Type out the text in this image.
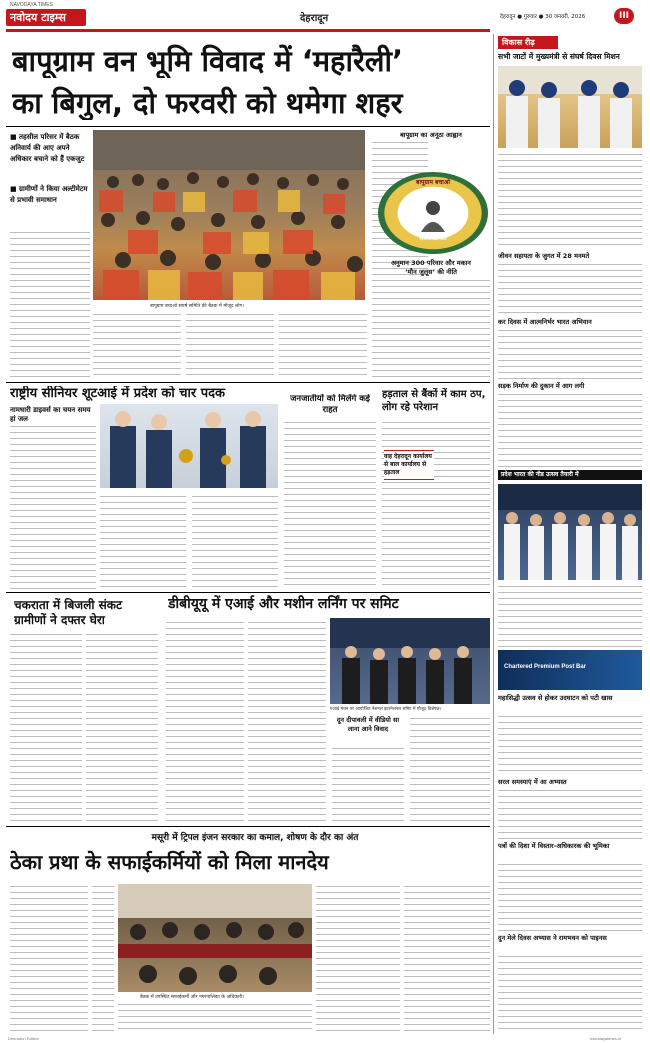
NAVODAYA TIMES
नवोदय टाइम्स	देहरादून	देहरादून ● गुरुवार ● 30 जनवरी, 2026	III
बापूग्राम वन भूमि विवाद में ‘महारैली’
का बिगुल, दो फरवरी को थमेगा शहर
■ तहसील परिसर में बैठक अनिवार्य की आए अपने अधिकार बचाने को हैं एकजुट
■ ग्रामीणों ने किया अल्टीमेटम से प्रभावी समाधान
बापूग्राम बचाओ संघर्ष समिति की बैठक में मौजूद लोग।
बापूग्राम का अनूठा आह्वान
बापूग्राम बचाओ
संघर्ष समिति
अनुमान 300 परिवार और मकान
‘मौन जुलूस’ की नीति
राष्ट्रीय सीनियर शूटआई में प्रदेश को चार पदक
नामधारी डाइवर्स का चयन समय हां जल
जनजातीयों को मिलेंगे कई राहत
हड़ताल से बैंकों में काम ठप, लोग रहे परेशान
वाह देहरादून कार्यालय से बाल कार्यालय से हड़ताल
चकराता में बिजली संकट
ग्रामीणों ने दफ्तर घेरा
डीबीयूयू में एआई और मशीन लर्निंग पर समिट
एआई मंथन पर आयोजित नेशनल इंटरनेशनल समिट में मौजूद विशेषज्ञ।
दून दीपावली में वीडियो सा लाना आने विवाद
मसूरी में ट्रिपल इंजन सरकार का कमाल, शोषण के दौर का अंत
ठेका प्रथा के सफाईकर्मियों को मिला मानदेय
बैठक में उपस्थित सफाईकर्मी और नगरपालिका के अधिकारी।
विकास रीढ़
सभी जाटों में मुख्यमंत्री से संघर्ष दिवस मिशन
जीवन सहायता के जुगत में 28 मनमते
कर दिवस में आत्मनिर्भर भारत अभियान
सड़क निर्माण की दुकान में आग लगी
प्रदेश भारत की नीड उत्सव तैयारी में
Chartered Premium Post Bar
महासिद्धी उत्सव से होकर उदघाटन को पटी खास
सरल समस्याएं में आ अभ्यस्त
पत्रों की दिशा में विस्तार-अधिकारक की भूमिका
दुन मेले दिवस अभ्यास ने रामभवन को पाइनस
Dehradun Edition	navodayatimes.in
